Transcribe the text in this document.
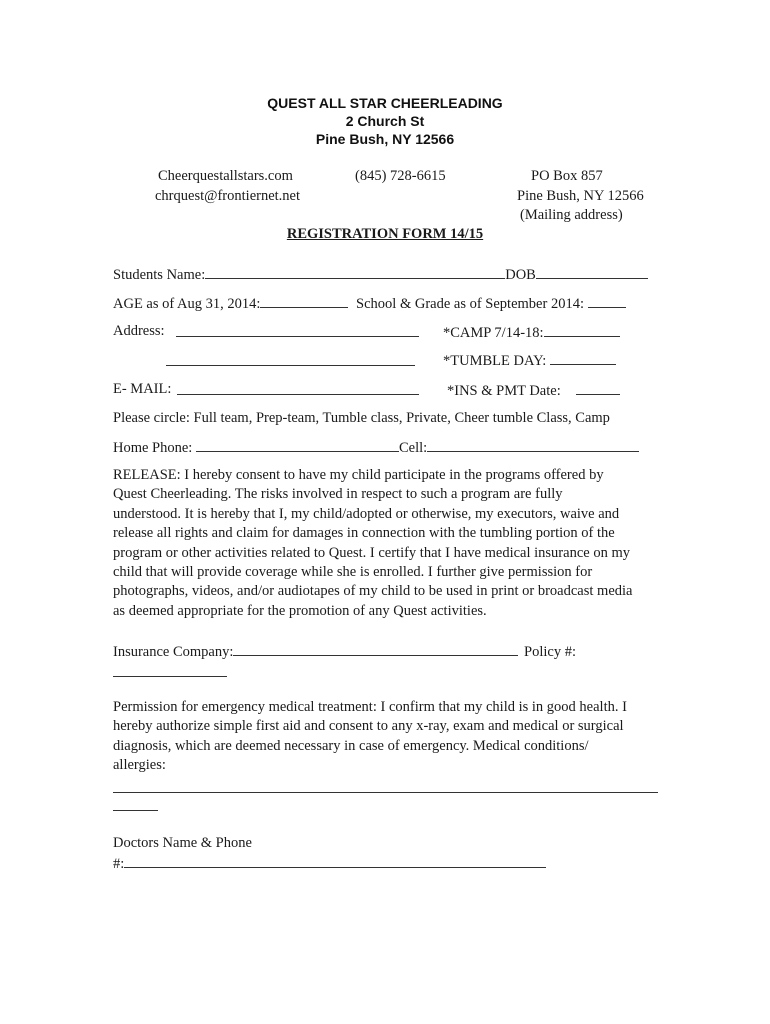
QUEST ALL STAR CHEERLEADING
2 Church St
Pine Bush, NY 12566
Cheerquestallstars.com
chrquest@frontiernet.net
(845) 728-6615	PO Box 857
Pine Bush, NY 12566
(Mailing address)
REGISTRATION FORM 14/15
Students Name:	DOB
AGE as of Aug 31, 2014:	School & Grade as of September 2014:
Address:	*CAMP 7/14-18:
*TUMBLE DAY:
E- MAIL:	*INS & PMT Date:
Please circle: Full team, Prep-team, Tumble class, Private, Cheer tumble Class, Camp
Home Phone:	Cell:
RELEASE: I hereby consent to have my child participate in the programs offered by
Quest Cheerleading. The risks involved in respect to such a program are fully
understood. It is hereby that I, my child/adopted or otherwise, my executors, waive and
release all rights and claim for damages in connection with the tumbling portion of the
program or other activities related to Quest. I certify that I have medical insurance on my
child that will provide coverage while she is enrolled. I further give permission for
photographs, videos, and/or audiotapes of my child to be used in print or broadcast media
as deemed appropriate for the promotion of any Quest activities.
Insurance Company:	Policy #:
Permission for emergency medical treatment: I confirm that my child is in good health. I
hereby authorize simple first aid and consent to any x-ray, exam and medical or surgical
diagnosis, which are deemed necessary in case of emergency. Medical conditions/
allergies:
Doctors Name & Phone
#:
